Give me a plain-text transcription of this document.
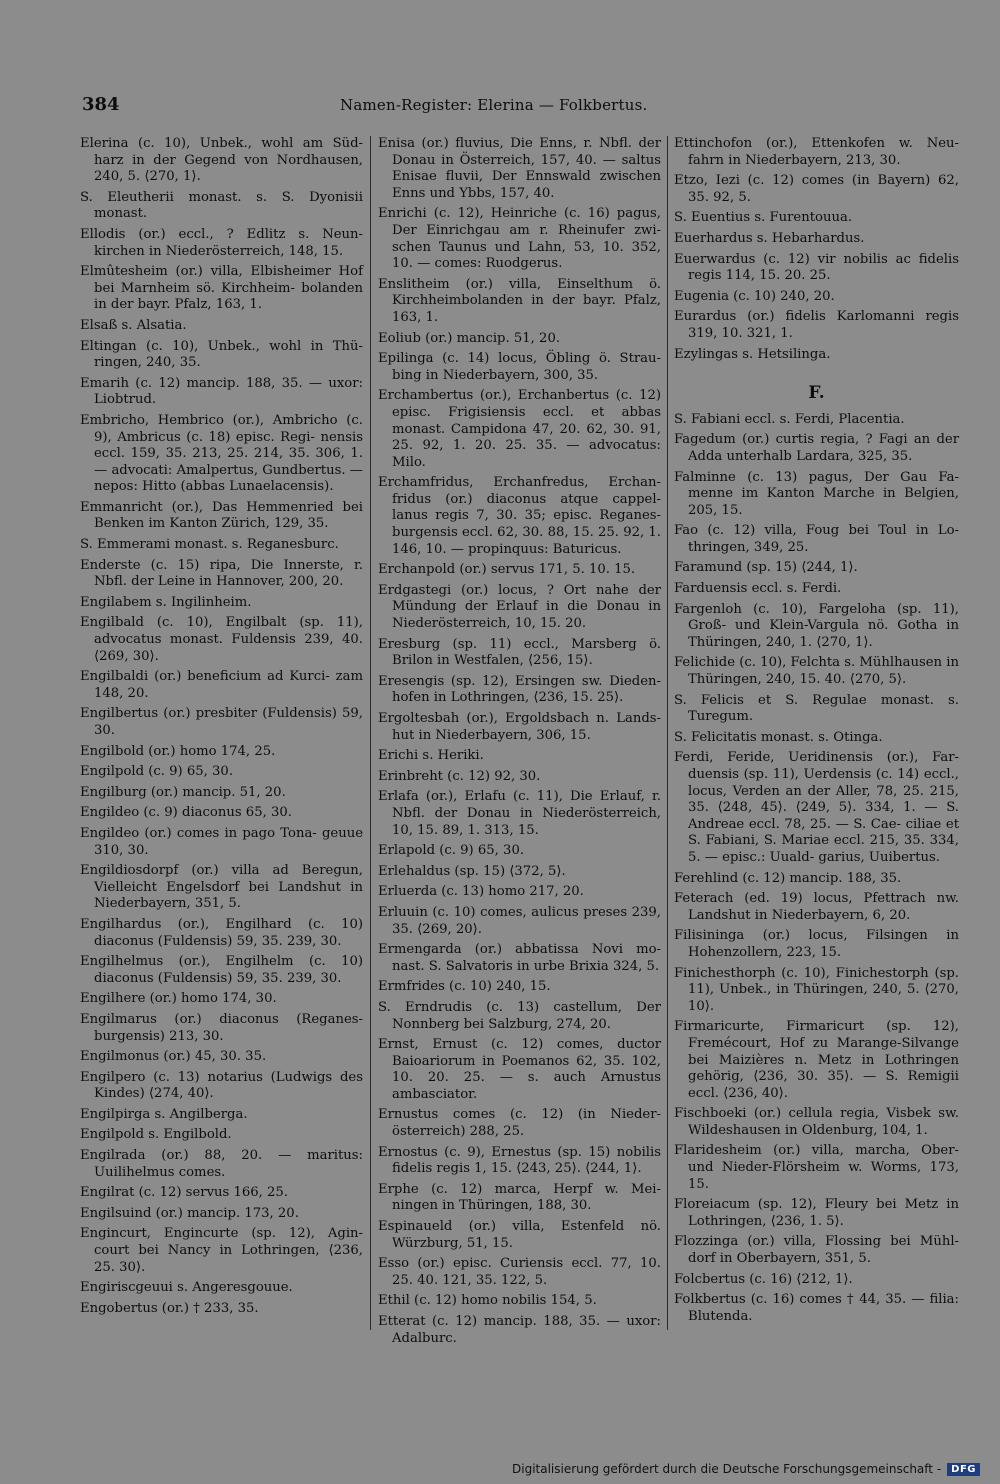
384	Namen-Register: Elerina — Folkbertus.
Elerina (c. 10), Unbek., wohl am Süd- harz in der Gegend von Nordhausen, 240, 5. ⟨270, 1⟩.
S. Eleutherii monast. s. S. Dyonisii monast.
Ellodis (or.) eccl., ? Edlitz s. Neun- kirchen in Niederösterreich, 148, 15.
Elmûtesheim (or.) villa, Elbisheimer Hof bei Marnheim sö. Kirchheim- bolanden in der bayr. Pfalz, 163, 1.
Elsaß s. Alsatia.
Eltingan (c. 10), Unbek., wohl in Thü- ringen, 240, 35.
Emarih (c. 12) mancip. 188, 35. — uxor: Liobtrud.
Embricho, Hembrico (or.), Ambricho (c. 9), Ambricus (c. 18) episc. Regi- nensis eccl. 159, 35. 213, 25. 214, 35. 306, 1. — advocati: Amalpertus, Gundbertus. — nepos: Hitto (abbas Lunaelacensis).
Emmanricht (or.), Das Hemmenried bei Benken im Kanton Zürich, 129, 35.
S. Emmerami monast. s. Reganesburc.
Enderste (c. 15) ripa, Die Innerste, r. Nbfl. der Leine in Hannover, 200, 20.
Engilabem s. Ingilinheim.
Engilbald (c. 10), Engilbalt (sp. 11), advocatus monast. Fuldensis 239, 40. ⟨269, 30⟩.
Engilbaldi (or.) beneficium ad Kurci- zam 148, 20.
Engilbertus (or.) presbiter (Fuldensis) 59, 30.
Engilbold (or.) homo 174, 25.
Engilpold (c. 9) 65, 30.
Engilburg (or.) mancip. 51, 20.
Engildeo (c. 9) diaconus 65, 30.
Engildeo (or.) comes in pago Tona- geuue 310, 30.
Engildiosdorpf (or.) villa ad Beregun, Vielleicht Engelsdorf bei Landshut in Niederbayern, 351, 5.
Engilhardus (or.), Engilhard (c. 10) diaconus (Fuldensis) 59, 35. 239, 30.
Engilhelmus (or.), Engilhelm (c. 10) diaconus (Fuldensis) 59, 35. 239, 30.
Engilhere (or.) homo 174, 30.
Engilmarus (or.) diaconus (Reganes- burgensis) 213, 30.
Engilmonus (or.) 45, 30. 35.
Engilpero (c. 13) notarius (Ludwigs des Kindes) ⟨274, 40⟩.
Engilpirga s. Angilberga.
Engilpold s. Engilbold.
Engilrada (or.) 88, 20. — maritus: Uuilihelmus comes.
Engilrat (c. 12) servus 166, 25.
Engilsuind (or.) mancip. 173, 20.
Engincurt, Engincurte (sp. 12), Agin- court bei Nancy in Lothringen, ⟨236, 25. 30⟩.
Engiriscgeuui s. Angeresgouue.
Engobertus (or.) † 233, 35.
Enisa (or.) fluvius, Die Enns, r. Nbfl. der Donau in Österreich, 157, 40. — saltus Enisae fluvii, Der Ennswald zwischen Enns und Ybbs, 157, 40.
Enrichi (c. 12), Heinriche (c. 16) pagus, Der Einrichgau am r. Rheinufer zwi- schen Taunus und Lahn, 53, 10. 352, 10. — comes: Ruodgerus.
Enslitheim (or.) villa, Einselthum ö. Kirchheimbolanden in der bayr. Pfalz, 163, 1.
Eoliub (or.) mancip. 51, 20.
Epilinga (c. 14) locus, Öbling ö. Strau- bing in Niederbayern, 300, 35.
Erchambertus (or.), Erchanbertus (c. 12) episc. Frigisiensis eccl. et abbas monast. Campidona 47, 20. 62, 30. 91, 25. 92, 1. 20. 25. 35. — advocatus: Milo.
Erchamfridus, Erchanfredus, Erchan- fridus (or.) diaconus atque cappel- lanus regis 7, 30. 35; episc. Reganes- burgensis eccl. 62, 30. 88, 15. 25. 92, 1. 146, 10. — propinquus: Baturicus.
Erchanpold (or.) servus 171, 5. 10. 15.
Erdgastegi (or.) locus, ? Ort nahe der Mündung der Erlauf in die Donau in Niederösterreich, 10, 15. 20.
Eresburg (sp. 11) eccl., Marsberg ö. Brilon in Westfalen, ⟨256, 15⟩.
Eresengis (sp. 12), Ersingen sw. Dieden- hofen in Lothringen, ⟨236, 15. 25⟩.
Ergoltesbah (or.), Ergoldsbach n. Lands- hut in Niederbayern, 306, 15.
Erichi s. Heriki.
Erinbreht (c. 12) 92, 30.
Erlafa (or.), Erlafu (c. 11), Die Erlauf, r. Nbfl. der Donau in Niederösterreich, 10, 15. 89, 1. 313, 15.
Erlapold (c. 9) 65, 30.
Erlehaldus (sp. 15) ⟨372, 5⟩.
Erluerda (c. 13) homo 217, 20.
Erluuin (c. 10) comes, aulicus preses 239, 35. ⟨269, 20⟩.
Ermengarda (or.) abbatissa Novi mo- nast. S. Salvatoris in urbe Brixia 324, 5.
Ermfrides (c. 10) 240, 15.
S. Erndrudis (c. 13) castellum, Der Nonnberg bei Salzburg, 274, 20.
Ernst, Ernust (c. 12) comes, ductor Baioariorum in Poemanos 62, 35. 102, 10. 20. 25. — s. auch Arnustus ambasciator.
Ernustus comes (c. 12) (in Nieder- österreich) 288, 25.
Ernostus (c. 9), Ernestus (sp. 15) nobilis fidelis regis 1, 15. ⟨243, 25⟩. ⟨244, 1⟩.
Erphe (c. 12) marca, Herpf w. Mei- ningen in Thüringen, 188, 30.
Espinaueld (or.) villa, Estenfeld nö. Würzburg, 51, 15.
Esso (or.) episc. Curiensis eccl. 77, 10. 25. 40. 121, 35. 122, 5.
Ethil (c. 12) homo nobilis 154, 5.
Etterat (c. 12) mancip. 188, 35. — uxor: Adalburc.
Ettinchofon (or.), Ettenkofen w. Neu- fahrn in Niederbayern, 213, 30.
Etzo, Iezi (c. 12) comes (in Bayern) 62, 35. 92, 5.
S. Euentius s. Furentouua.
Euerhardus s. Hebarhardus.
Euerwardus (c. 12) vir nobilis ac fidelis regis 114, 15. 20. 25.
Eugenia (c. 10) 240, 20.
Eurardus (or.) fidelis Karlomanni regis 319, 10. 321, 1.
Ezylingas s. Hetsilinga.
F.
S. Fabiani eccl. s. Ferdi, Placentia.
Fagedum (or.) curtis regia, ? Fagi an der Adda unterhalb Lardara, 325, 35.
Falminne (c. 13) pagus, Der Gau Fa- menne im Kanton Marche in Belgien, 205, 15.
Fao (c. 12) villa, Foug bei Toul in Lo- thringen, 349, 25.
Faramund (sp. 15) ⟨244, 1⟩.
Farduensis eccl. s. Ferdi.
Fargenloh (c. 10), Fargeloha (sp. 11), Groß- und Klein-Vargula nö. Gotha in Thüringen, 240, 1. ⟨270, 1⟩.
Felichide (c. 10), Felchta s. Mühlhausen in Thüringen, 240, 15. 40. ⟨270, 5⟩.
S. Felicis et S. Regulae monast. s. Turegum.
S. Felicitatis monast. s. Otinga.
Ferdi, Feride, Ueridinensis (or.), Far- duensis (sp. 11), Uerdensis (c. 14) eccl., locus, Verden an der Aller, 78, 25. 215, 35. ⟨248, 45⟩. ⟨249, 5⟩. 334, 1. — S. Andreae eccl. 78, 25. — S. Cae- ciliae et S. Fabiani, S. Mariae eccl. 215, 35. 334, 5. — episc.: Uuald- garius, Uuibertus.
Ferehlind (c. 12) mancip. 188, 35.
Feterach (ed. 19) locus, Pfettrach nw. Landshut in Niederbayern, 6, 20.
Filisininga (or.) locus, Filsingen in Hohenzollern, 223, 15.
Finichesthorph (c. 10), Finichestorph (sp. 11), Unbek., in Thüringen, 240, 5. ⟨270, 10⟩.
Firmaricurte, Firmaricurt (sp. 12), Fremécourt, Hof zu Marange-Silvange bei Maizières n. Metz in Lothringen gehörig, ⟨236, 30. 35⟩. — S. Remigii eccl. ⟨236, 40⟩.
Fischboeki (or.) cellula regia, Visbek sw. Wildeshausen in Oldenburg, 104, 1.
Flaridesheim (or.) villa, marcha, Ober- und Nieder-Flörsheim w. Worms, 173, 15.
Floreiacum (sp. 12), Fleury bei Metz in Lothringen, ⟨236, 1. 5⟩.
Flozzinga (or.) villa, Flossing bei Mühl- dorf in Oberbayern, 351, 5.
Folcbertus (c. 16) ⟨212, 1⟩.
Folkbertus (c. 16) comes † 44, 35. — filia: Blutenda.
Digitalisierung gefördert durch die Deutsche Forschungsgemeinschaft -	DFG
